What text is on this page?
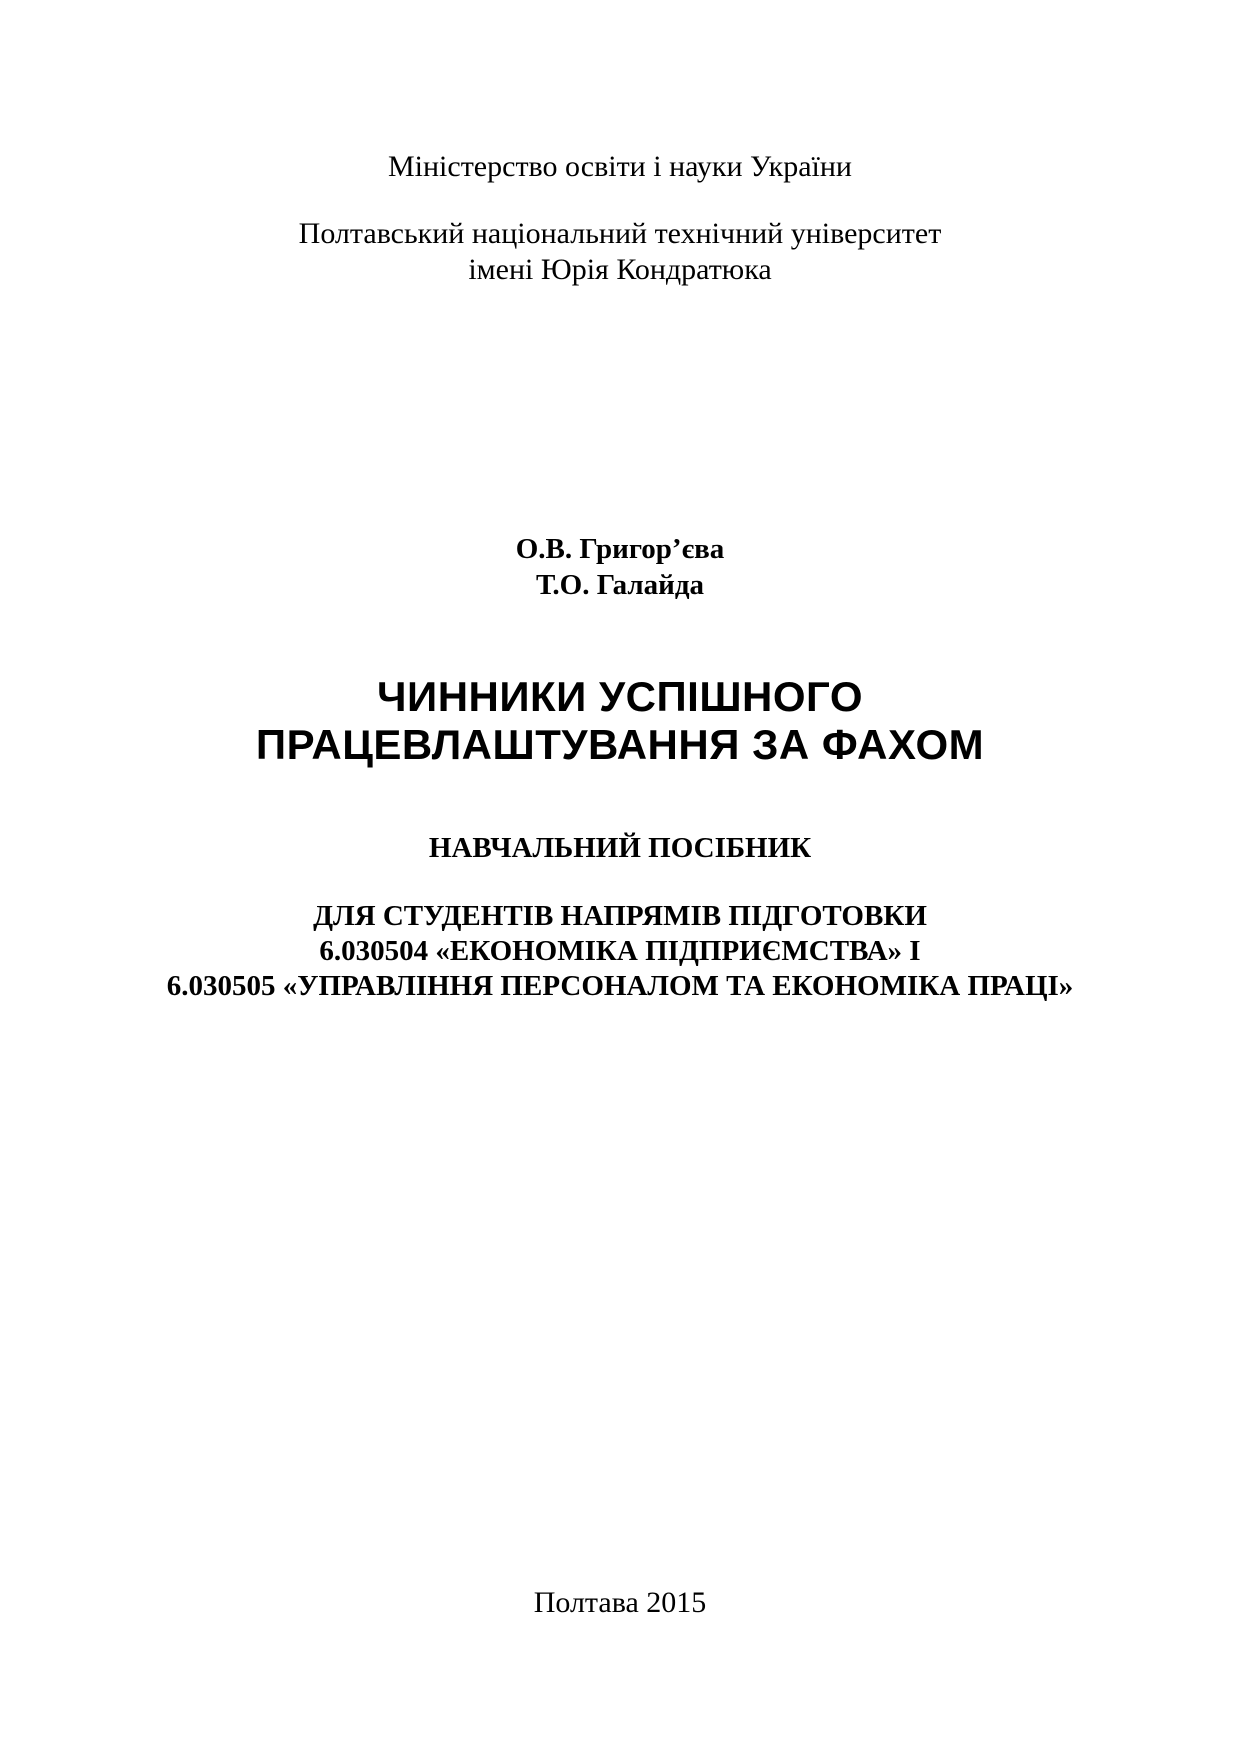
Міністерство освіти і науки України
Полтавський національний технічний університет
імені Юрія Кондратюка
О.В. Григор’єва
Т.О. Галайда
ЧИННИКИ УСПІШНОГО
ПРАЦЕВЛАШТУВАННЯ ЗА ФАХОМ
НАВЧАЛЬНИЙ ПОСІБНИК
ДЛЯ СТУДЕНТІВ НАПРЯМІВ ПІДГОТОВКИ
6.030504 «ЕКОНОМІКА ПІДПРИЄМСТВА» І
6.030505 «УПРАВЛІННЯ ПЕРСОНАЛОМ ТА ЕКОНОМІКА ПРАЦІ»
Полтава 2015
